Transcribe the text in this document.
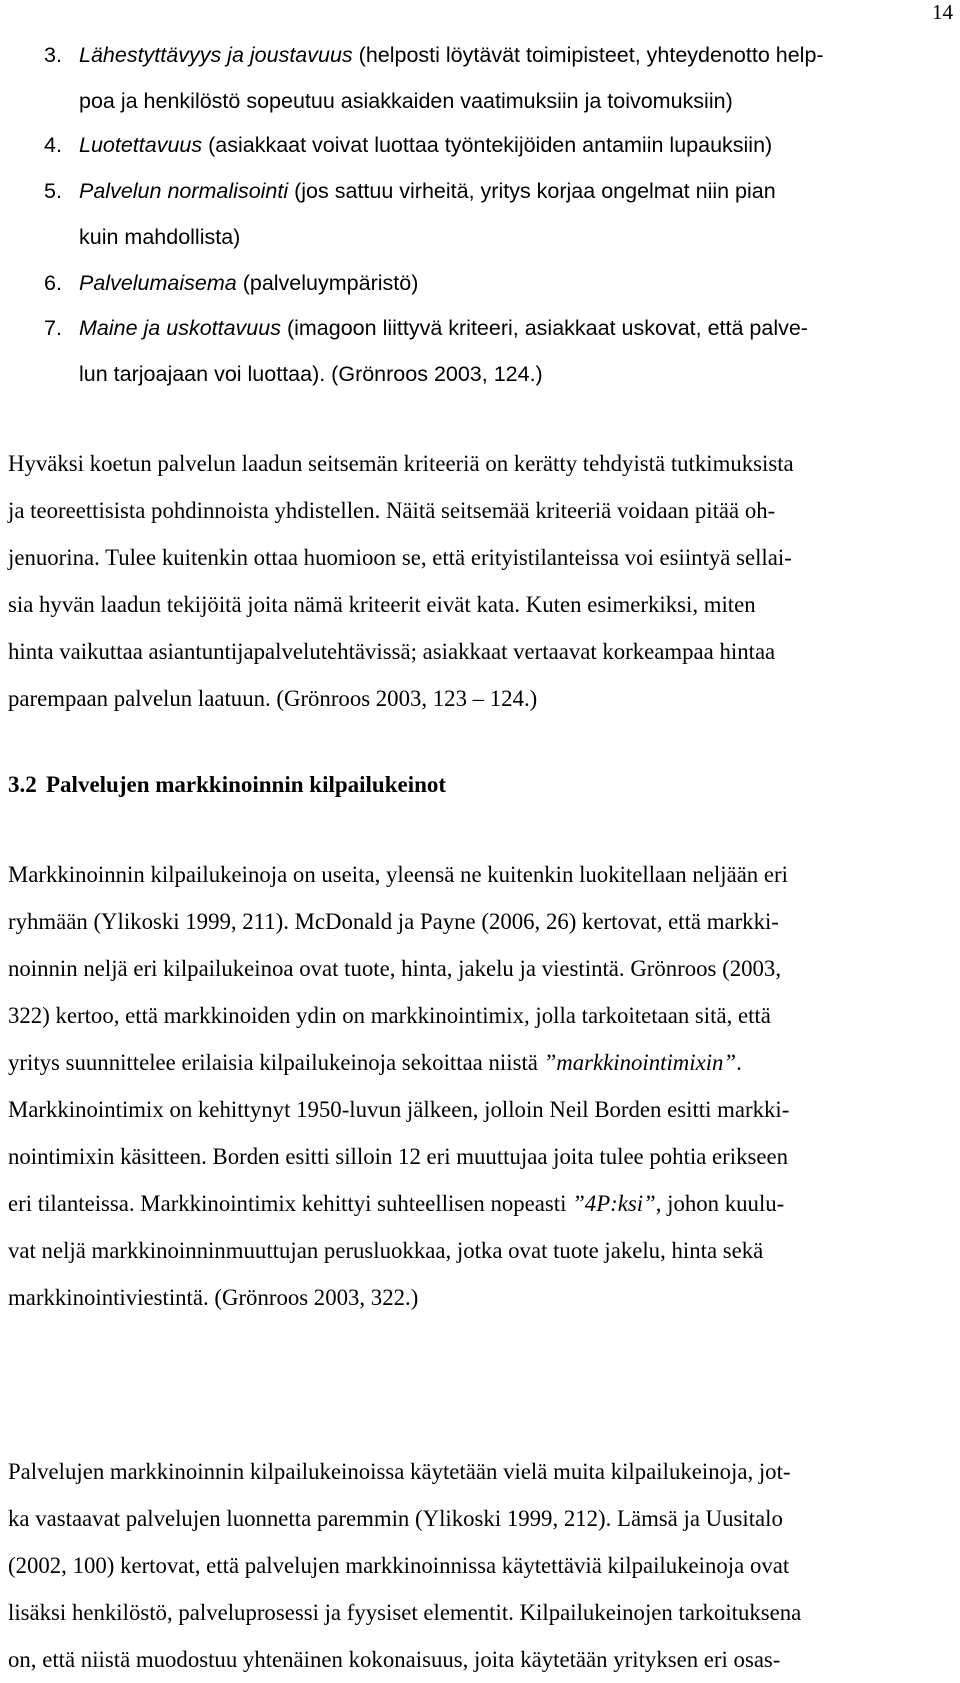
14
3. Lähestyttävyys ja joustavuus (helposti löytävät toimipisteet, yhteydenotto help-
poa ja henkilöstö sopeutuu asiakkaiden vaatimuksiin ja toivomuksiin)
4. Luotettavuus (asiakkaat voivat luottaa työntekijöiden antamiin lupauksiin)
5. Palvelun normalisointi (jos sattuu virheitä, yritys korjaa ongelmat niin pian
kuin mahdollista)
6. Palvelumaisema (palveluympäristö)
7. Maine ja uskottavuus (imagoon liittyvä kriteeri, asiakkaat uskovat, että palve-
lun tarjoajaan voi luottaa). (Grönroos 2003, 124.)
Hyväksi koetun palvelun laadun seitsemän kriteeriä on kerätty tehdyistä tutkimuksista
ja teoreettisista pohdinnoista yhdistellen. Näitä seitsemää kriteeriä voidaan pitää oh-
jenuorina. Tulee kuitenkin ottaa huomioon se, että erityistilanteissa voi esiintyä sellai-
sia hyvän laadun tekijöitä joita nämä kriteerit eivät kata. Kuten esimerkiksi, miten
hinta vaikuttaa asiantuntijapalvelutehtävissä; asiakkaat vertaavat korkeampaa hintaa
parempaan palvelun laatuun. (Grönroos 2003, 123 – 124.)
3.2 Palvelujen markkinoinnin kilpailukeinot
Markkinoinnin kilpailukeinoja on useita, yleensä ne kuitenkin luokitellaan neljään eri
ryhmään (Ylikoski 1999, 211). McDonald ja Payne (2006, 26) kertovat, että markki-
noinnin neljä eri kilpailukeinoa ovat tuote, hinta, jakelu ja viestintä. Grönroos (2003,
322) kertoo, että markkinoiden ydin on markkinointimix, jolla tarkoitetaan sitä, että
yritys suunnittelee erilaisia kilpailukeinoja sekoittaa niistä ”markkinointimixin”.
Markkinointimix on kehittynyt 1950-luvun jälkeen, jolloin Neil Borden esitti markki-
nointimixin käsitteen. Borden esitti silloin 12 eri muuttujaa joita tulee pohtia erikseen
eri tilanteissa. Markkinointimix kehittyi suhteellisen nopeasti ”4P:ksi”, johon kuulu-
vat neljä markkinoinninmuuttujan perusluokkaa, jotka ovat tuote jakelu, hinta sekä
markkinointiviestintä. (Grönroos 2003, 322.)
Palvelujen markkinoinnin kilpailukeinoissa käytetään vielä muita kilpailukeinoja, jot-
ka vastaavat palvelujen luonnetta paremmin (Ylikoski 1999, 212). Lämsä ja Uusitalo
(2002, 100) kertovat, että palvelujen markkinoinnissa käytettäviä kilpailukeinoja ovat
lisäksi henkilöstö, palveluprosessi ja fyysiset elementit. Kilpailukeinojen tarkoituksena
on, että niistä muodostuu yhtenäinen kokonaisuus, joita käytetään yrityksen eri osas-
